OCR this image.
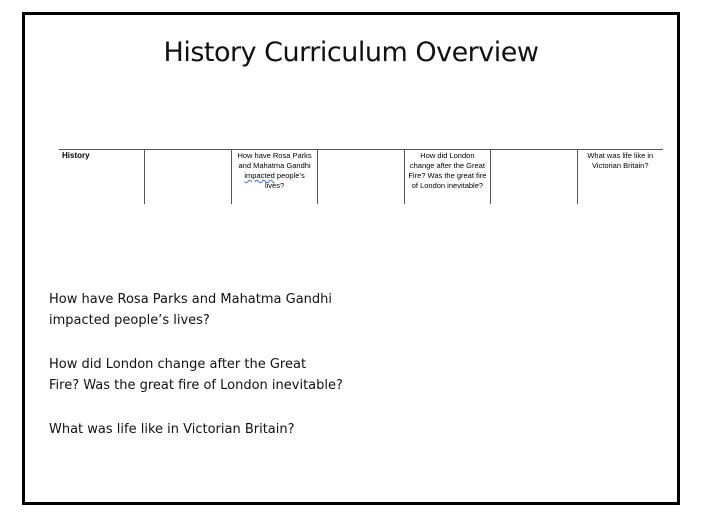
History Curriculum Overview
History	How have Rosa Parks and Mahatma Gandhi impacted people’s lives?
How did London change after the Great Fire? Was the great fire of London inevitable?
What was life like in Victorian Britain?
How have Rosa Parks and Mahatma Gandhi
impacted people’s lives?
How did London change after the Great
Fire? Was the great fire of London inevitable?
What was life like in Victorian Britain?
